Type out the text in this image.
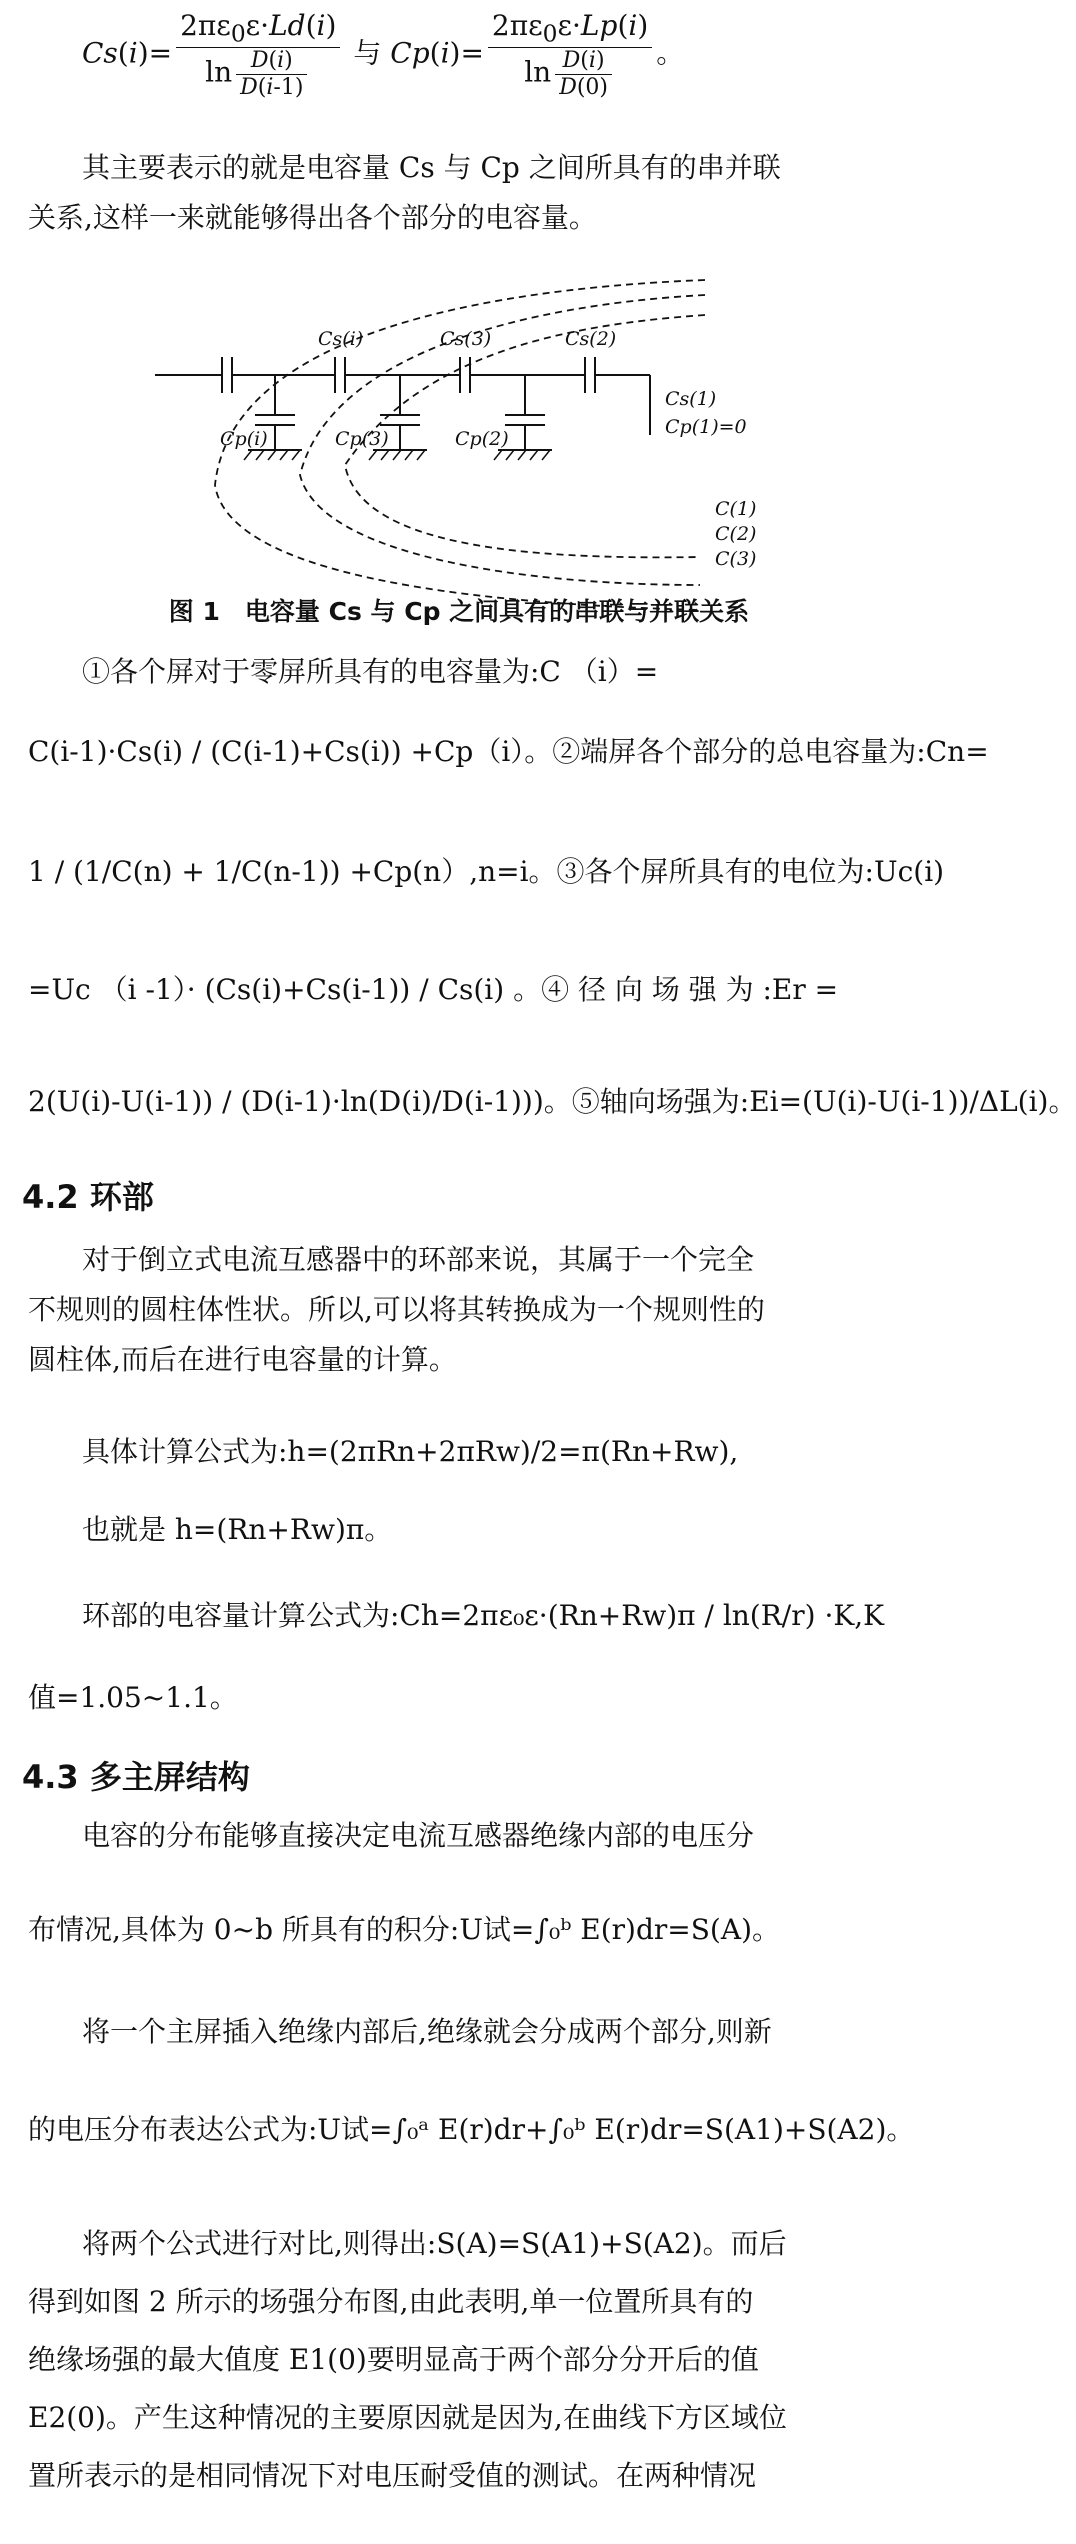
$Cs(i)= \frac{2\pi\varepsilon_0\varepsilon\cdot Ld(i)}{\ln \frac{D(i)}{D(i-1)}}$ 与 $Cp(i)= \frac{2\pi\varepsilon_0\varepsilon\cdot Lp(i)}{\ln \frac{D(i)}{D(0)}}$ 。
其主要表示的就是电容量 Cs 与 Cp 之间所具有的串并联
关系,这样一来就能够得出各个部分的电容量。
Cs(i)	Cs(3)	Cs(2)
Cs(1)
Cp(1)=0
Cp(i)	Cp(3)	Cp(2)
C(1)
C(2)
C(3)
图 1　电容量 Cs 与 Cp 之间具有的串联与并联关系
①各个屏对于零屏所具有的电容量为:C （i）=
C(i-1)·Cs(i) / (C(i-1)+Cs(i)) +Cp（i）。②端屏各个部分的总电容量为:Cn=
1 / (1/C(n) + 1/C(n-1)) +Cp(n）,n=i。③各个屏所具有的电位为:Uc(i)
=Uc （i -1）· (Cs(i)+Cs(i-1)) / Cs(i) 。④ 径 向 场 强 为 :Er =
2(U(i)-U(i-1)) / (D(i-1)·ln(D(i)/D(i-1)))。⑤轴向场强为:Ei=(U(i)-U(i-1))/ΔL(i)。
4.2 环部
对于倒立式电流互感器中的环部来说，其属于一个完全
不规则的圆柱体性状。所以,可以将其转换成为一个规则性的
圆柱体,而后在进行电容量的计算。
具体计算公式为:h=(2πRn+2πRw)/2=π(Rn+Rw),
也就是 h=(Rn+Rw)π。
环部的电容量计算公式为:Ch=2πε₀ε·(Rn+Rw)π / ln(R/r) ·K,K
值=1.05~1.1。
4.3 多主屏结构
电容的分布能够直接决定电流互感器绝缘内部的电压分
布情况,具体为 0~b 所具有的积分:U试=∫₀ᵇ E(r)dr=S(A)。
将一个主屏插入绝缘内部后,绝缘就会分成两个部分,则新
的电压分布表达公式为:U试=∫₀ᵃ E(r)dr+∫₀ᵇ E(r)dr=S(A1)+S(A2)。
将两个公式进行对比,则得出:S(A)=S(A1)+S(A2)。而后
得到如图 2 所示的场强分布图,由此表明,单一位置所具有的
绝缘场强的最大值度 E1(0)要明显高于两个部分分开后的值
E2(0)。产生这种情况的主要原因就是因为,在曲线下方区域位
置所表示的是相同情况下对电压耐受值的测试。在两种情况
